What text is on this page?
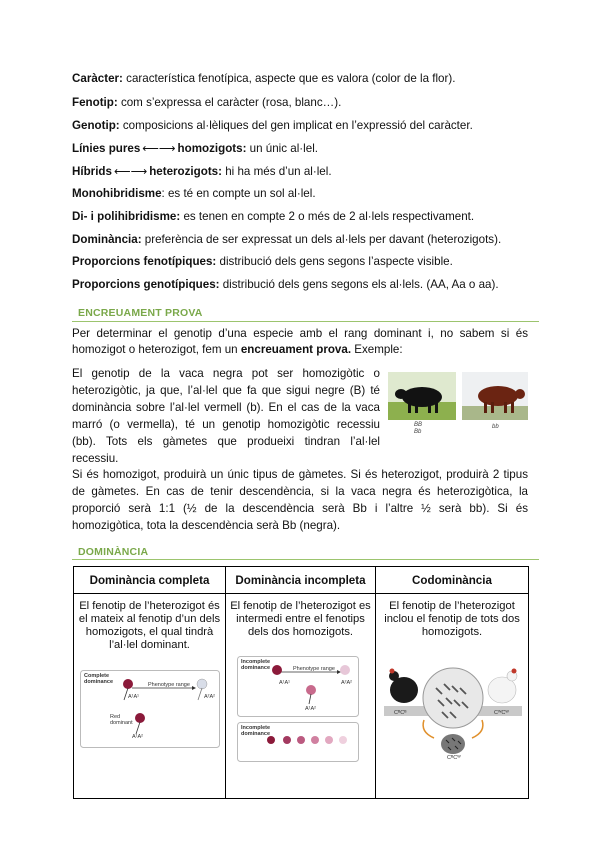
Caràcter: característica fenotípica, aspecte que es valora (color de la flor).
Fenotip: com s’expressa el caràcter (rosa, blanc…).
Genotip: composicions al·lèliques del gen implicat en l’expressió del caràcter.
Línies pures ⟵⟶ homozigots: un únic al·lel.
Híbrids ⟵⟶ heterozigots: hi ha més d’un al·lel.
Monohibridisme: es té en compte un sol al·lel.
Di- i polihibridisme: es tenen en compte 2 o més de 2 al·lels respectivament.
Dominància: preferència de ser expressat un dels al·lels per davant (heterozigots).
Proporcions fenotípiques: distribució dels gens segons l’aspecte visible.
Proporcions genotípiques: distribució dels gens segons els al·lels. (AA, Aa o aa).
ENCREUAMENT PROVA
Per determinar el genotip d’una especie amb el rang dominant i, no sabem si és homozigot o heterozigot, fem un encreuament prova. Exemple:
El genotip de la vaca negra pot ser homozigòtic o
heterozigòtic, ja que, l’al·lel que fa que sigui negre (B) té
dominància sobre l’al·lel vermell (b). En el cas de la vaca
marró (o vermella), té un genotip homozigòtic recessiu
(bb). Tots els gàmetes que produeixi tindran l’al·lel
recessiu.
BB
Bb
bb
Si és homozigot, produirà un únic tipus de gàmetes. Si és heterozigot, produirà 2 tipus de gàmetes. En cas de tenir descendència, si la vaca negra és heterozigòtica, la proporció serà 1:1 (½ de la descendència serà Bb i l’altre ½ serà bb). Si és homozigòtica, tota la descendència serà Bb (negra).
DOMINÀNCIA
Dominància completa	Dominància incompleta	Codominància

El fenotip de l’heterozigot és el mateix al fenotip d’un dels homozigots, el qual tindrà l’al·lel dominant.	El fenotip de l’heterozigot es intermedi entre el fenotips dels dos homozigots.	El fenotip de l’heterozigot inclou el fenotip de tots dos homozigots.
Complete
dominance	Phenotype range
A¹A¹	A²A²
Red
dominant
A¹A²
Incomplete
dominance	Phenotype range
A¹A¹	A²A²
A¹A²
Incomplete
dominance
CᴮCᴮ	CᵂCᵂ
CᴮCᵂ
